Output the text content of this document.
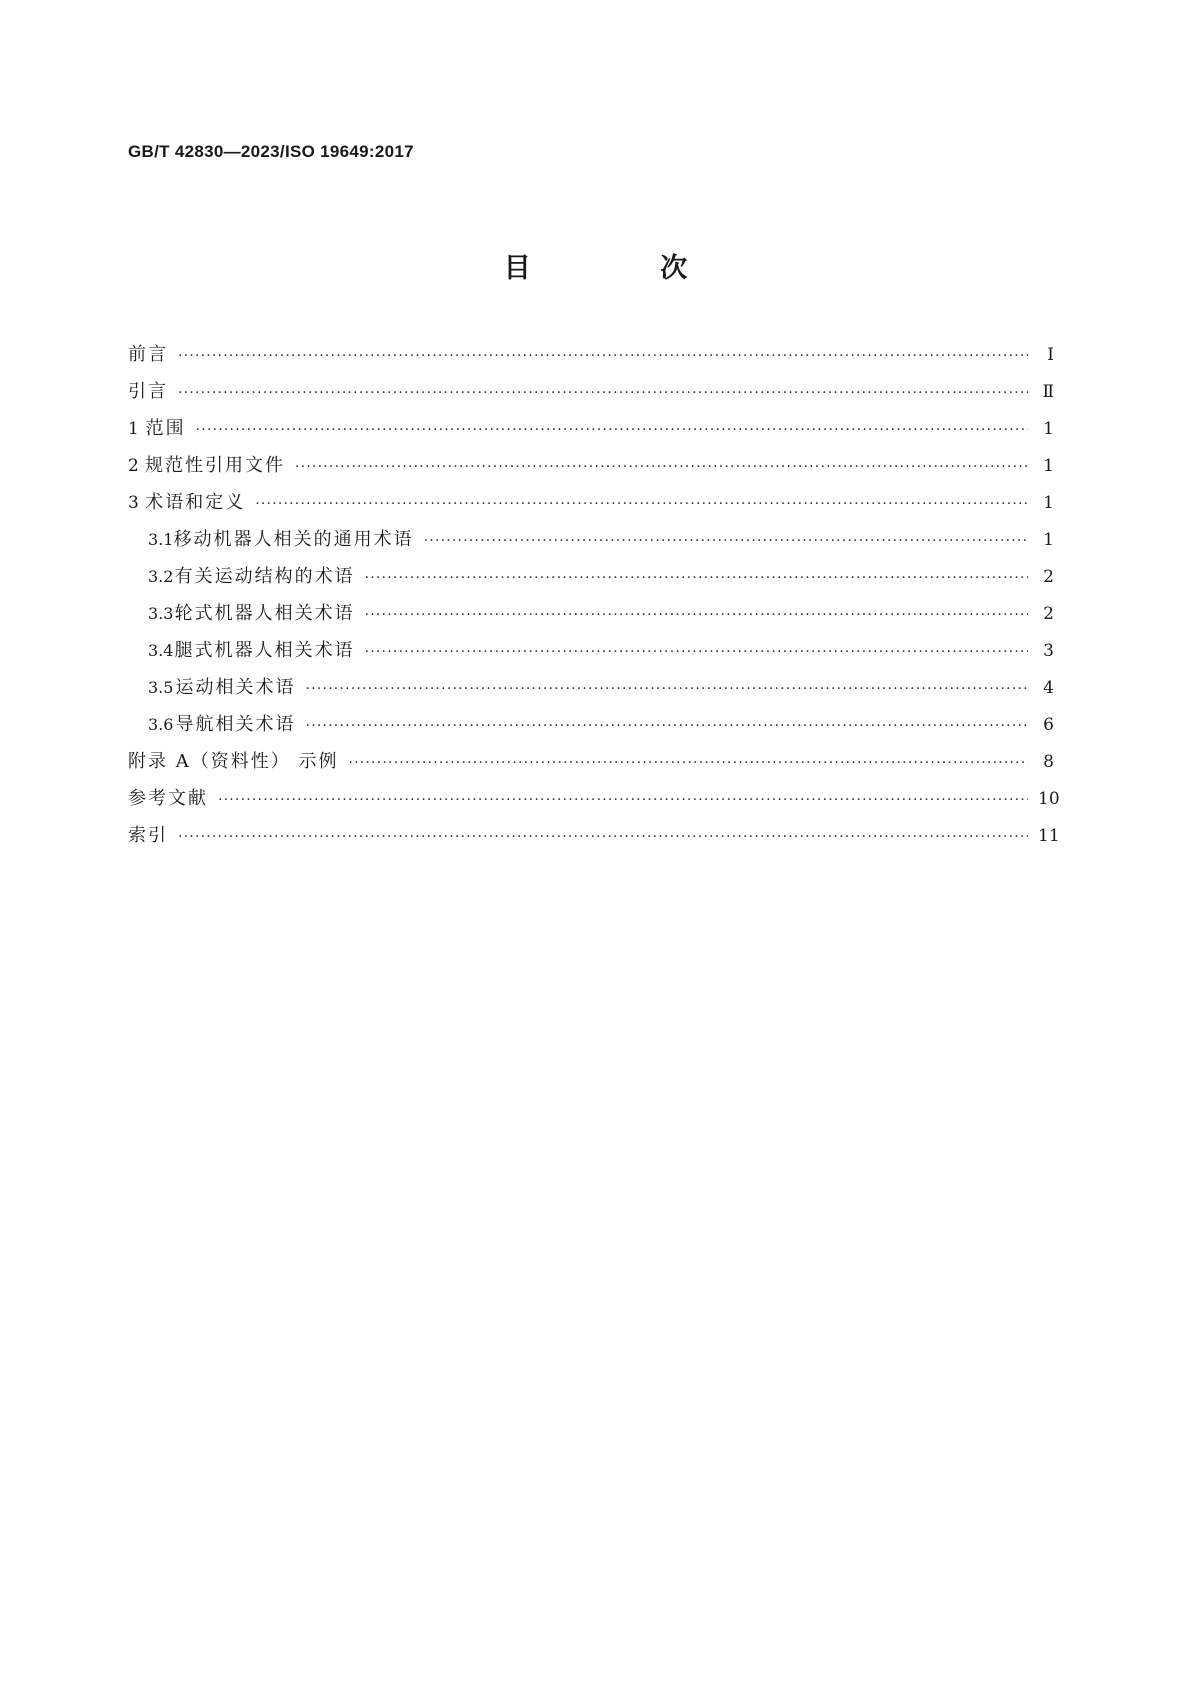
GB/T 42830—2023/ISO 19649:2017
目 次
前言 ·····	Ⅰ
引言 ·····	Ⅱ
1 范围 ·····	1
2 规范性引用文件 ·····	1
3 术语和定义 ·····	1
3.1 移动机器人相关的通用术语 ·····	1
3.2 有关运动结构的术语 ·····	2
3.3 轮式机器人相关术语 ·····	2
3.4 腿式机器人相关术语 ·····	3
3.5 运动相关术语 ·····	4
3.6 导航相关术语 ·····	6
附录 A（资料性） 示例 ·····	8
参考文献 ·····	10
索引 ·····	11
